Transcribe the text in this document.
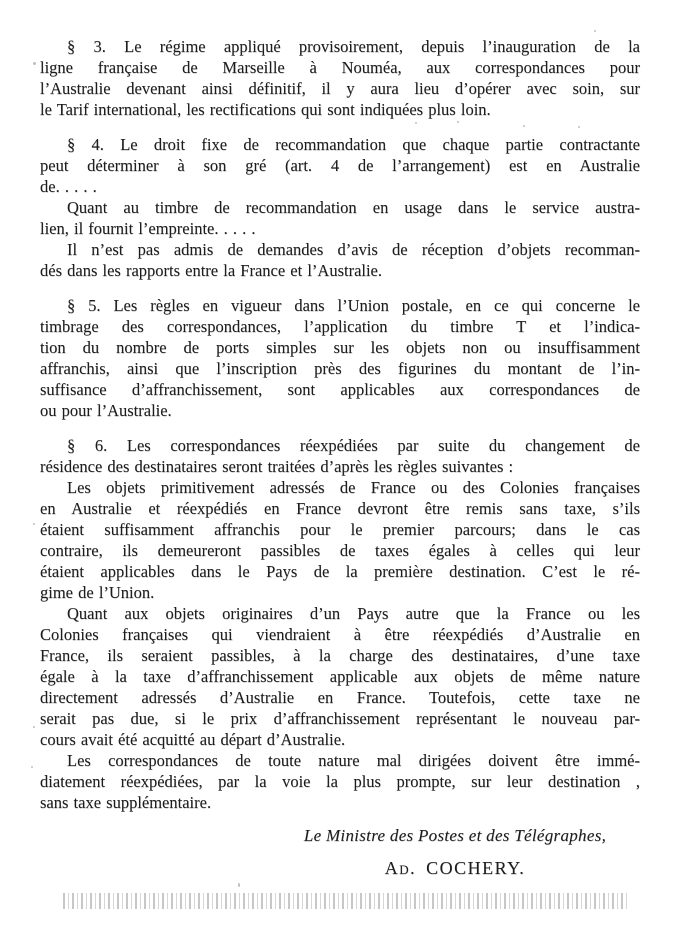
§ 3. Le régime appliqué provisoirement, depuis l’inauguration de la
ligne française de Marseille à Nouméa, aux correspondances pour
l’Australie devenant ainsi définitif, il y aura lieu d’opérer avec soin, sur
le Tarif international, les rectifications qui sont indiquées plus loin.
§ 4. Le droit fixe de recommandation que chaque partie contractante
peut déterminer à son gré (art. 4 de l’arrangement) est en Australie
de. . . . .
Quant au timbre de recommandation en usage dans le service austra-
lien, il fournit l’empreinte. . . . .
Il n’est pas admis de demandes d’avis de réception d’objets recomman-
dés dans les rapports entre la France et l’Australie.
§ 5. Les règles en vigueur dans l’Union postale, en ce qui concerne le
timbrage des correspondances, l’application du timbre T et l’indica-
tion du nombre de ports simples sur les objets non ou insuffisamment
affranchis, ainsi que l’inscription près des figurines du montant de l’in-
suffisance d’affranchissement, sont applicables aux correspondances de
ou pour l’Australie.
§ 6. Les correspondances réexpédiées par suite du changement de
résidence des destinataires seront traitées d’après les règles suivantes :
Les objets primitivement adressés de France ou des Colonies françaises
en Australie et réexpédiés en France devront être remis sans taxe, s’ils
étaient suffisamment affranchis pour le premier parcours; dans le cas
contraire, ils demeureront passibles de taxes égales à celles qui leur
étaient applicables dans le Pays de la première destination. C’est le ré-
gime de l’Union.
Quant aux objets originaires d’un Pays autre que la France ou les
Colonies françaises qui viendraient à être réexpédiés d’Australie en
France, ils seraient passibles, à la charge des destinataires, d’une taxe
égale à la taxe d’affranchissement applicable aux objets de même nature
directement adressés d’Australie en France. Toutefois, cette taxe ne
serait pas due, si le prix d’affranchissement représentant le nouveau par-
cours avait été acquitté au départ d’Australie.
Les correspondances de toute nature mal dirigées doivent être immé-
diatement réexpédiées, par la voie la plus prompte, sur leur destination ,
sans taxe supplémentaire.
Le Ministre des Postes et des Télégraphes,
Ad. COCHERY.
